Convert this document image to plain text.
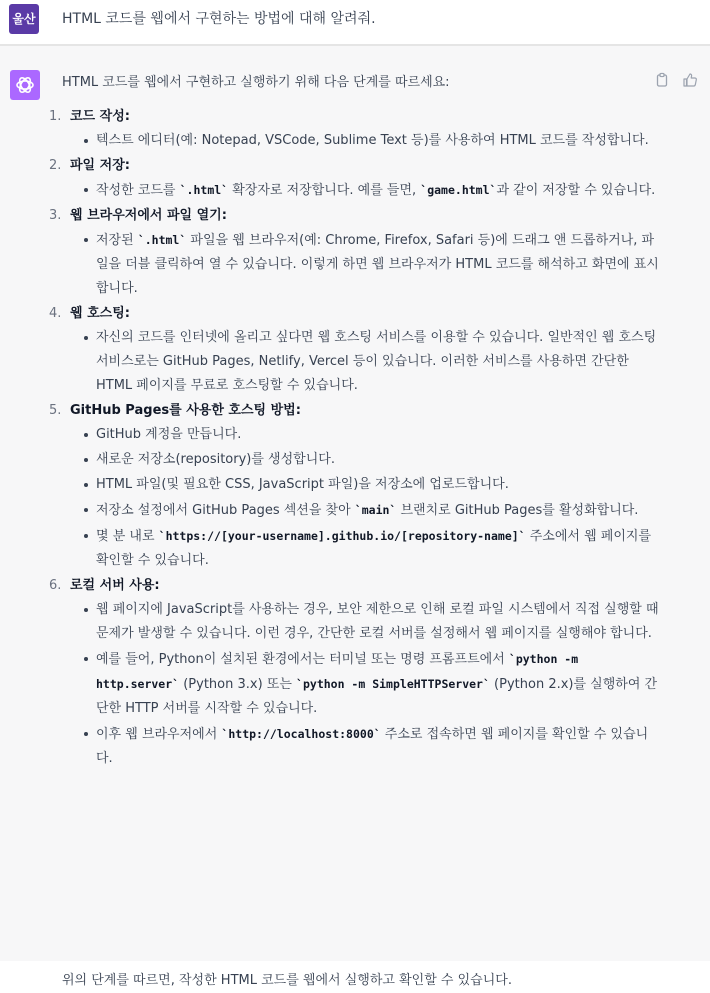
울산 HTML 코드를 웹에서 구현하는 방법에 대해 알려줘.

HTML 코드를 웹에서 구현하고 실행하기 위해 다음 단계를 따르세요:

1. 코드 작성:
텍스트 에디터(예: Notepad, VSCode, Sublime Text 등)를 사용하여 HTML 코드를 작성합니다.
2. 파일 저장:
작성한 코드를 `.html` 확장자로 저장합니다. 예를 들면, `game.html`과 같이 저장할 수 있습니다.
3. 웹 브라우저에서 파일 열기:
저장된 `.html` 파일을 웹 브라우저(예: Chrome, Firefox, Safari 등)에 드래그 앤 드롭하거나, 파일을 더블 클릭하여 열 수 있습니다. 이렇게 하면 웹 브라우저가 HTML 코드를 해석하고 화면에 표시합니다.
4. 웹 호스팅:
자신의 코드를 인터넷에 올리고 싶다면 웹 호스팅 서비스를 이용할 수 있습니다. 일반적인 웹 호스팅 서비스로는 GitHub Pages, Netlify, Vercel 등이 있습니다. 이러한 서비스를 사용하면 간단한 HTML 페이지를 무료로 호스팅할 수 있습니다.
5. GitHub Pages를 사용한 호스팅 방법:
GitHub 계정을 만듭니다.
새로운 저장소(repository)를 생성합니다.
HTML 파일(및 필요한 CSS, JavaScript 파일)을 저장소에 업로드합니다.
저장소 설정에서 GitHub Pages 섹션을 찾아 `main` 브랜치로 GitHub Pages를 활성화합니다.
몇 분 내로 `https://[your-username].github.io/[repository-name]` 주소에서 웹 페이지를 확인할 수 있습니다.
6. 로컬 서버 사용:
웹 페이지에 JavaScript를 사용하는 경우, 보안 제한으로 인해 로컬 파일 시스템에서 직접 실행할 때 문제가 발생할 수 있습니다. 이런 경우, 간단한 로컬 서버를 설정해서 웹 페이지를 실행해야 합니다.
예를 들어, Python이 설치된 환경에서는 터미널 또는 명령 프롬프트에서 `python -m http.server` (Python 3.x) 또는 `python -m SimpleHTTPServer` (Python 2.x)를 실행하여 간단한 HTTP 서버를 시작할 수 있습니다.
이후 웹 브라우저에서 `http://localhost:8000` 주소로 접속하면 웹 페이지를 확인할 수 있습니다.
위의 단계를 따르면, 작성한 HTML 코드를 웹에서 실행하고 확인할 수 있습니다.
